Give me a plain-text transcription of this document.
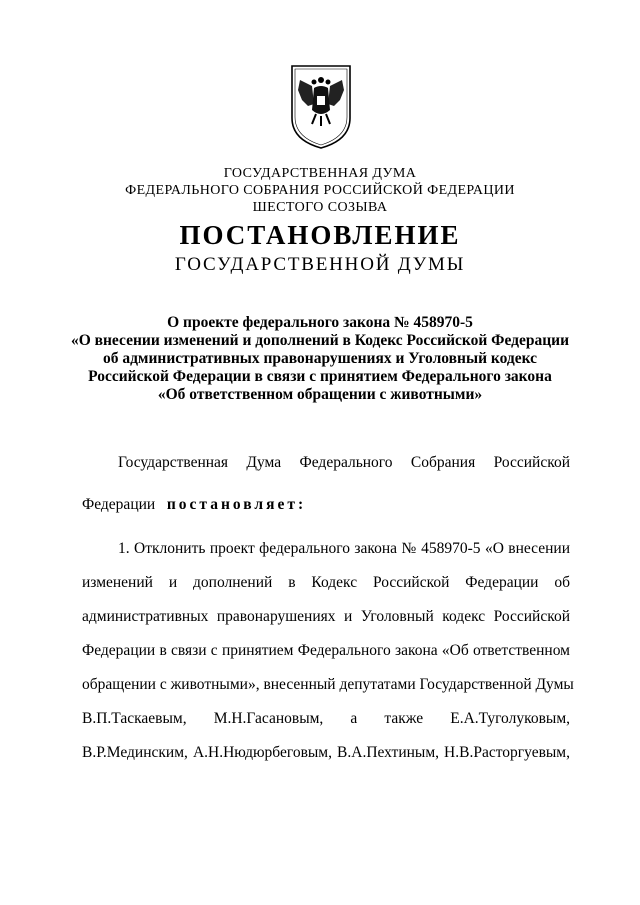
ГОСУДАРСТВЕННАЯ ДУМА
ФЕДЕРАЛЬНОГО СОБРАНИЯ РОССИЙСКОЙ ФЕДЕРАЦИИ
ШЕСТОГО СОЗЫВА
ПОСТАНОВЛЕНИЕ
ГОСУДАРСТВЕННОЙ ДУМЫ
О проекте федерального закона № 458970-5
«О внесении изменений и дополнений в Кодекс Российской Федерации
об административных правонарушениях и Уголовный кодекс
Российской Федерации в связи с принятием Федерального закона
«Об ответственном обращении с животными»
Государственная Дума Федерального Собрания Российской
Федерации постановляет:
1. Отклонить проект федерального закона № 458970-5 «О внесении
изменений и дополнений в Кодекс Российской Федерации об
административных правонарушениях и Уголовный кодекс Российской
Федерации в связи с принятием Федерального закона «Об ответственном
обращении с животными», внесенный депутатами Государственной Думы
В.П.Таскаевым, М.Н.Гасановым, а также Е.А.Туголуковым,
В.Р.Мединским, А.Н.Нюдюрбеговым, В.А.Пехтиным, Н.В.Расторгуевым,
